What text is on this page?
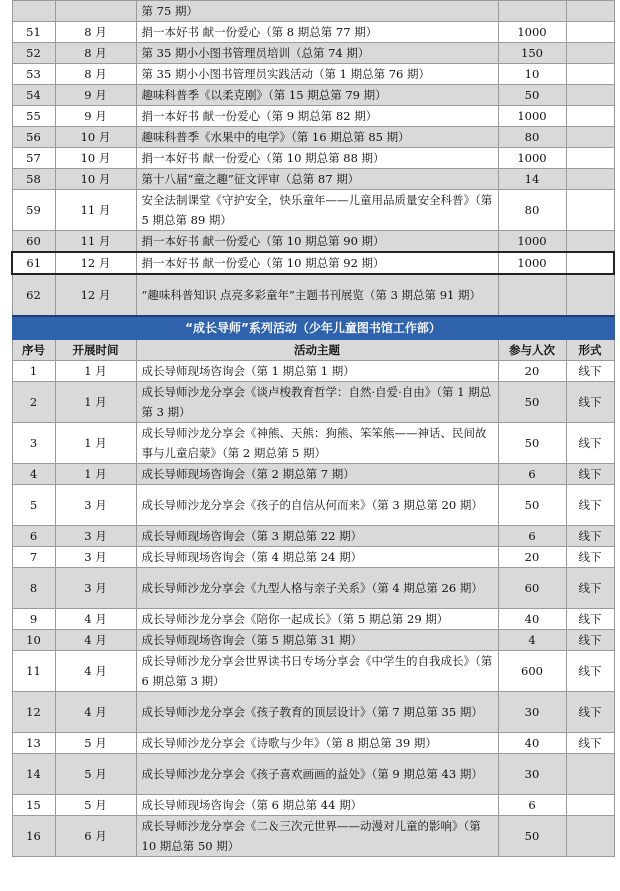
		第 75 期）		
51	8 月	捐一本好书 献一份爱心（第 8 期总第 77 期）	1000	
52	8 月	第 35 期小小图书管理员培训（总第 74 期）	150	
53	8 月	第 35 期小小图书管理员实践活动（第 1 期总第 76 期）	10	
54	9 月	趣味科普季《以柔克刚》（第 15 期总第 79 期）	50	
55	9 月	捐一本好书 献一份爱心（第 9 期总第 82 期）	1000	
56	10 月	趣味科普季《水果中的电学》（第 16 期总第 85 期）	80	
57	10 月	捐一本好书 献一份爱心（第 10 期总第 88 期）	1000	
58	10 月	第十八届“童之趣”征文评审（总第 87 期）	14	
59	11 月	安全法制课堂《守护安全，快乐童年——儿童用品质量安全科普》（第 5 期总第 89 期）	80	
60	11 月	捐一本好书 献一份爱心（第 10 期总第 90 期）	1000	
61	12 月	捐一本好书 献一份爱心（第 10 期总第 92 期）	1000	
62	12 月	“趣味科普知识 点亮多彩童年”主题书刊展览（第 3 期总第 91 期）		
“成长导师”系列活动（少年儿童图书馆工作部）				
序号	开展时间	活动主题	参与人次	形式
1	1 月	成长导师现场咨询会（第 1 期总第 1 期）	20	线下
2	1 月	成长导师沙龙分享会《谈卢梭教育哲学：自然·自爱·自由》（第 1 期总第 3 期）	50	线下
3	1 月	成长导师沙龙分享会《神熊、天熊：狗熊、笨笨熊——神话、民间故事与儿童启蒙》（第 2 期总第 5 期）	50	线下
4	1 月	成长导师现场咨询会（第 2 期总第 7 期）	6	线下
5	3 月	成长导师沙龙分享会《孩子的自信从何而来》（第 3 期总第 20 期）	50	线下
6	3 月	成长导师现场咨询会（第 3 期总第 22 期）	6	线下
7	3 月	成长导师现场咨询会（第 4 期总第 24 期）	20	线下
8	3 月	成长导师沙龙分享会《九型人格与亲子关系》（第 4 期总第 26 期）	60	线下
9	4 月	成长导师沙龙分享会《陪你一起成长》（第 5 期总第 29 期）	40	线下
10	4 月	成长导师现场咨询会（第 5 期总第 31 期）	4	线下
11	4 月	成长导师沙龙分享会世界读书日专场分享会《中学生的自我成长》（第 6 期总第 3 期）	600	线下
12	4 月	成长导师沙龙分享会《孩子教育的顶层设计》（第 7 期总第 35 期）	30	线下
13	5 月	成长导师沙龙分享会《诗歌与少年》（第 8 期总第 39 期）	40	线下
14	5 月	成长导师沙龙分享会《孩子喜欢画画的益处》（第 9 期总第 43 期）	30	
15	5 月	成长导师现场咨询会（第 6 期总第 44 期）	6	
16	6 月	成长导师沙龙分享会《二＆三次元世界——动漫对儿童的影响》（第 10 期总第 50 期）	50	
